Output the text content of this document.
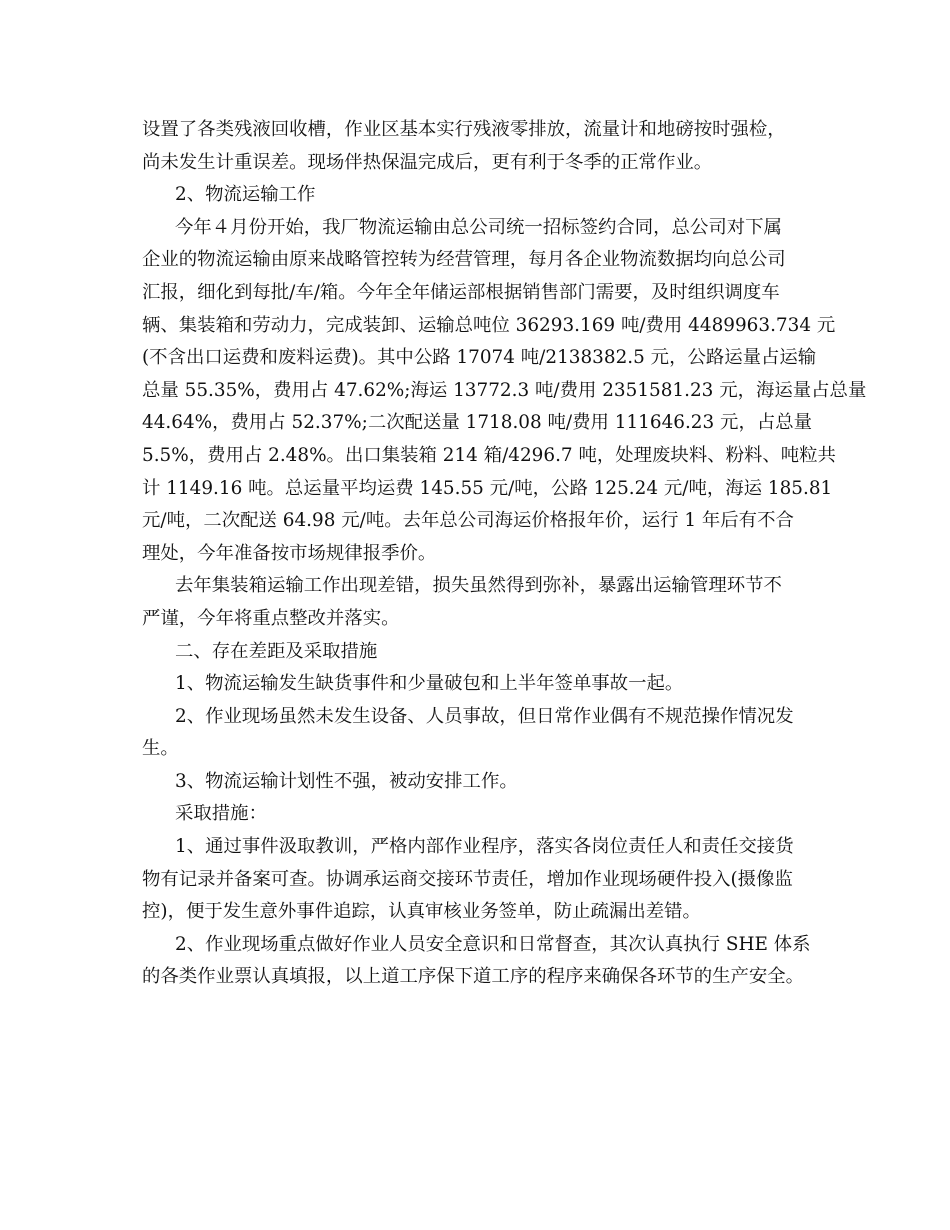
设置了各类残液回收槽，作业区基本实行残液零排放，流量计和地磅按时强检，
尚未发生计重误差。现场伴热保温完成后，更有利于冬季的正常作业。
2、物流运输工作
今年４月份开始，我厂物流运输由总公司统一招标签约合同，总公司对下属
企业的物流运输由原来战略管控转为经营管理，每月各企业物流数据均向总公司
汇报，细化到每批/车/箱。今年全年储运部根据销售部门需要，及时组织调度车
辆、集装箱和劳动力，完成装卸、运输总吨位 36293.169 吨/费用 4489963.734 元
(不含出口运费和废料运费)。其中公路 17074 吨/2138382.5 元，公路运量占运输
总量 55.35%，费用占 47.62%;海运 13772.3 吨/费用 2351581.23 元，海运量占总量
44.64%，费用占 52.37%;二次配送量 1718.08 吨/费用 111646.23 元，占总量
5.5%，费用占 2.48%。出口集装箱 214 箱/4296.7 吨，处理废块料、粉料、吨粒共
计 1149.16 吨。总运量平均运费 145.55 元/吨，公路 125.24 元/吨，海运 185.81
元/吨，二次配送 64.98 元/吨。去年总公司海运价格报年价，运行 1 年后有不合
理处，今年准备按市场规律报季价。
去年集装箱运输工作出现差错，损失虽然得到弥补，暴露出运输管理环节不
严谨，今年将重点整改并落实。
二、存在差距及采取措施
1、物流运输发生缺货事件和少量破包和上半年签单事故一起。
2、作业现场虽然未发生设备、人员事故，但日常作业偶有不规范操作情况发
生。
3、物流运输计划性不强，被动安排工作。
采取措施：
1、通过事件汲取教训，严格内部作业程序，落实各岗位责任人和责任交接货
物有记录并备案可查。协调承运商交接环节责任，增加作业现场硬件投入(摄像监
控)，便于发生意外事件追踪，认真审核业务签单，防止疏漏出差错。
2、作业现场重点做好作业人员安全意识和日常督查，其次认真执行 SHE 体系
的各类作业票认真填报，以上道工序保下道工序的程序来确保各环节的生产安全。
